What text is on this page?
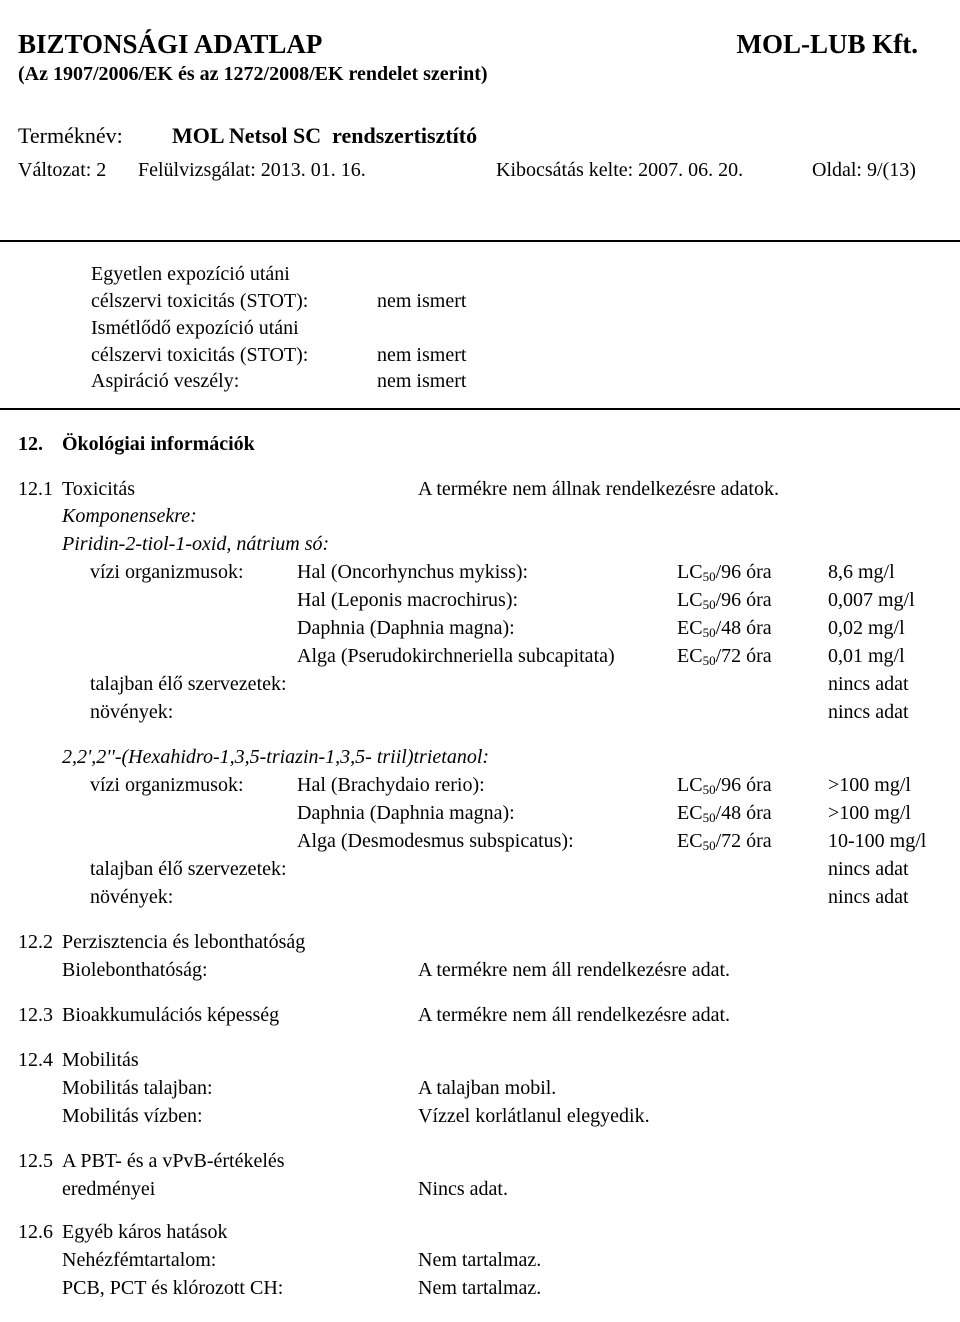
BIZTONSÁGI ADATLAP	MOL-LUB Kft.
(Az 1907/2006/EK és az 1272/2008/EK rendelet szerint)
Terméknév: MOL Netsol SC  rendszertisztító
Változat: 2 Felülvizsgálat: 2013. 01. 16.	Kibocsátás kelte: 2007. 06. 20.	Oldal: 9/(13)
Egyetlen expozíció utáni
célszervi toxicitás (STOT):	nem ismert
Ismétlődő expozíció utáni
célszervi toxicitás (STOT):	nem ismert
Aspiráció veszély:	nem ismert
12. Ökológiai információk
12.1 Toxicitás	A termékre nem állnak rendelkezésre adatok.
Komponensekre:
Piridin-2-tiol-1-oxid, nátrium só:
vízi organizmusok:	Hal (Oncorhynchus mykiss):	$LC_{50}/96$ óra	8,6 mg/l
Hal (Leponis macrochirus):	$LC_{50}/96$ óra	0,007 mg/l
Daphnia (Daphnia magna):	$EC_{50}/48$ óra	0,02 mg/l
Alga (Pserudokirchneriella subcapitata)	$EC_{50}/72$ óra	0,01 mg/l
talajban élő szervezetek:	nincs adat
növények:	nincs adat
2,2',2''-(Hexahidro-1,3,5-triazin-1,3,5- triil)trietanol:
vízi organizmusok:	Hal (Brachydaio rerio):	$LC_{50}/96$ óra	>100 mg/l
Daphnia (Daphnia magna):	$EC_{50}/48$ óra	>100 mg/l
Alga (Desmodesmus subspicatus):	$EC_{50}/72$ óra	10-100 mg/l
talajban élő szervezetek:	nincs adat
növények:	nincs adat
12.2 Perzisztencia és lebonthatóság
Biolebonthatóság:	A termékre nem áll rendelkezésre adat.
12.3 Bioakkumulációs képesség	A termékre nem áll rendelkezésre adat.
12.4 Mobilitás
Mobilitás talajban:	A talajban mobil.
Mobilitás vízben:	Vízzel korlátlanul elegyedik.
12.5 A PBT- és a vPvB-értékelés
eredményei	Nincs adat.
12.6 Egyéb káros hatások
Nehézfémtartalom:	Nem tartalmaz.
PCB, PCT és klórozott CH:	Nem tartalmaz.
